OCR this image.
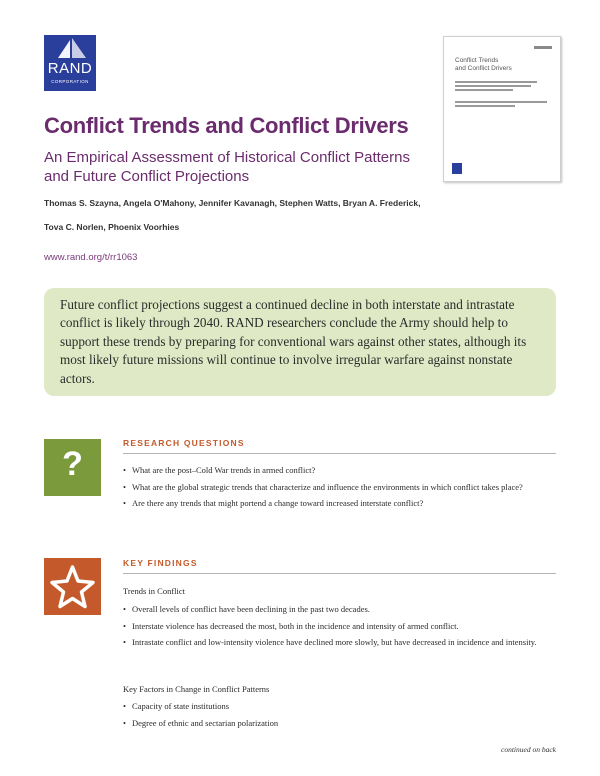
RAND
CORPORATION
Conflict Trends
and Conflict Drivers
Conflict Trends and Conflict Drivers
An Empirical Assessment of Historical Conflict Patterns
and Future Conflict Projections
Thomas S. Szayna, Angela O'Mahony, Jennifer Kavanagh, Stephen Watts, Bryan A. Frederick,
Tova C. Norlen, Phoenix Voorhies
www.rand.org/t/rr1063
Future conflict projections suggest a continued decline in both interstate and intrastate conflict is likely through 2040. RAND researchers conclude the Army should help to support these trends by preparing for conventional wars against other states, although its most likely future missions will continue to involve irregular warfare against nonstate actors.
?
RESEARCH QUESTIONS
• What are the post–Cold War trends in armed conflict?
• What are the global strategic trends that characterize and influence the environments in which conflict takes place?
• Are there any trends that might portend a change toward increased interstate conflict?
KEY FINDINGS
Trends in Conflict
• Overall levels of conflict have been declining in the past two decades.
• Interstate violence has decreased the most, both in the incidence and intensity of armed conflict.
• Intrastate conflict and low-intensity violence have declined more slowly, but have decreased in incidence and intensity.
Key Factors in Change in Conflict Patterns
• Capacity of state institutions
• Degree of ethnic and sectarian polarization
continued on back
